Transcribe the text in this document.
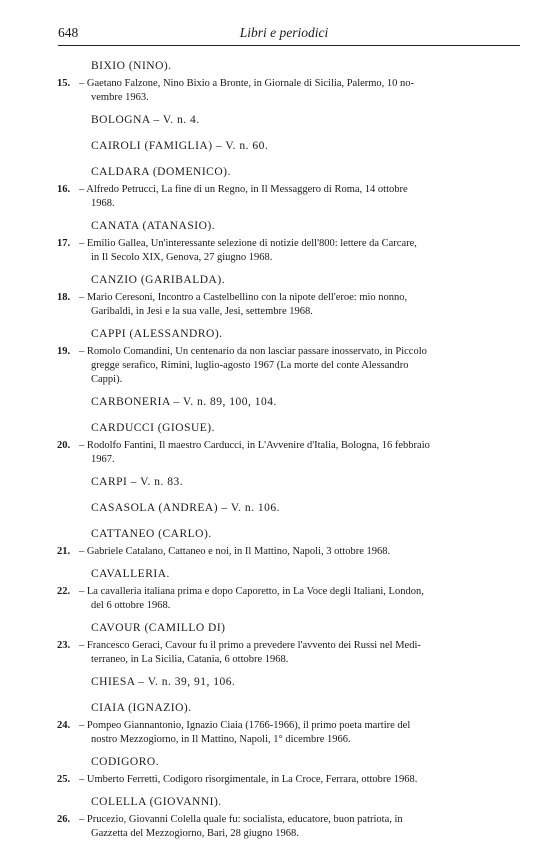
648	Libri e periodici
BIXIO (NINO).
15. – Gaetano Falzone, Nino Bixio a Bronte, in Giornale di Sicilia, Palermo, 10 no-
vembre 1963.
BOLOGNA – V. n. 4.
CAIROLI (FAMIGLIA) – V. n. 60.
CALDARA (DOMENICO).
16. – Alfredo Petrucci, La fine di un Regno, in Il Messaggero di Roma, 14 ottobre
1968.
CANATA (ATANASIO).
17. – Emilio Gallea, Un'interessante selezione di notizie dell'800: lettere da Carcare,
in Il Secolo XIX, Genova, 27 giugno 1968.
CANZIO (GARIBALDA).
18. – Mario Ceresoni, Incontro a Castelbellino con la nipote dell'eroe: mio nonno,
Garibaldi, in Jesi e la sua valle, Jesi, settembre 1968.
CAPPI (ALESSANDRO).
19. – Romolo Comandini, Un centenario da non lasciar passare inosservato, in Piccolo
gregge serafico, Rimini, luglio-agosto 1967 (La morte del conte Alessandro
Cappi).
CARBONERIA – V. n. 89, 100, 104.
CARDUCCI (GIOSUE).
20. – Rodolfo Fantini, Il maestro Carducci, in L'Avvenire d'Italia, Bologna, 16 febbraio
1967.
CARPI – V. n. 83.
CASASOLA (ANDREA) – V. n. 106.
CATTANEO (CARLO).
21. – Gabriele Catalano, Cattaneo e noi, in Il Mattino, Napoli, 3 ottobre 1968.
CAVALLERIA.
22. – La cavalleria italiana prima e dopo Caporetto, in La Voce degli Italiani, London,
del 6 ottobre 1968.
CAVOUR (CAMILLO DI)
23. – Francesco Geraci, Cavour fu il primo a prevedere l'avvento dei Russi nel Medi-
terraneo, in La Sicilia, Catania, 6 ottobre 1968.
CHIESA – V. n. 39, 91, 106.
CIAIA (IGNAZIO).
24. – Pompeo Giannantonio, Ignazio Ciaia (1766-1966), il primo poeta martire del
nostro Mezzogiorno, in Il Mattino, Napoli, 1° dicembre 1966.
CODIGORO.
25. – Umberto Ferretti, Codigoro risorgimentale, in La Croce, Ferrara, ottobre 1968.
COLELLA (GIOVANNI).
26. – Prucezio, Giovanni Colella quale fu: socialista, educatore, buon patriota, in
Gazzetta del Mezzogiorno, Bari, 28 giugno 1968.
